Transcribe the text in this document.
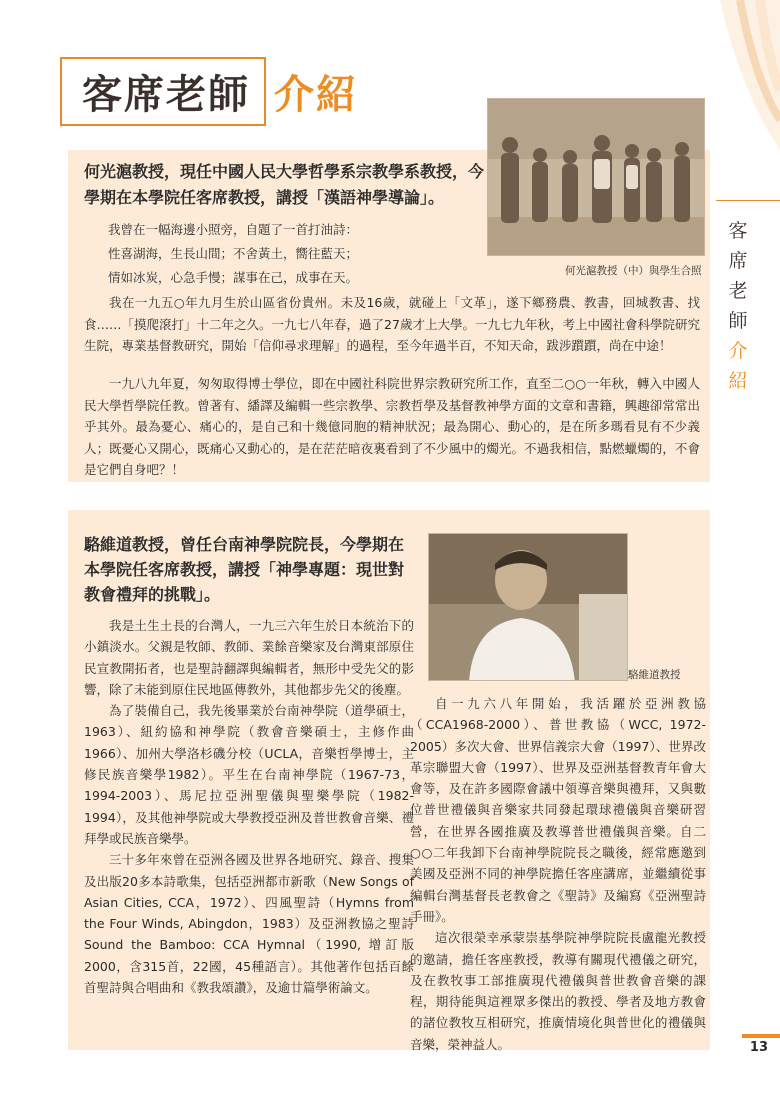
客席老師 介紹
客
席
老
師
介
紹
何光滬教授（中）與學生合照
何光滬教授，現任中國人民大學哲學系宗教學系教授，今學期在本學院任客席教授，講授「漢語神學導論」。
我曾在一幅海邊小照旁，自題了一首打油詩：
性喜湖海，生長山間；不舍黃土，嚮往藍天；
情如冰炭，心急手慢；謀事在己，成事在天。

我在一九五○年九月生於山區省份貴州。未及16歲，就碰上「文革」，遂下鄉務農、教書，回城教書、找食……「摸爬滾打」十二年之久。一九七八年春，過了27歲才上大學。一九七九年秋，考上中國社會科學院研究生院，專業基督教研究，開始「信仰尋求理解」的過程，至今年過半百，不知天命，跋涉躓躓，尚在中途！

一九八九年夏，匆匆取得博士學位，即在中國社科院世界宗教研究所工作，直至二○○一年秋，轉入中國人民大學哲學院任教。曾著有、繙譯及編輯一些宗教學、宗教哲學及基督教神學方面的文章和書籍，興趣卻常常出乎其外。最為憂心、痛心的，是自己和十幾億同胞的精神狀況；最為開心、動心的，是在所多瑪看見有不少義人；既憂心又開心，既痛心又動心的，是在茫茫暗夜裏看到了不少風中的燭光。不過我相信，點燃蠟燭的，不會是它們自身吧？！

駱維道教授
駱維道教授，曾任台南神學院院長，今學期在本學院任客席教授，講授「神學專題：現世對教會禮拜的挑戰」。

我是土生土長的台灣人，一九三六年生於日本統治下的小鎮淡水。父親是牧師、教師、業餘音樂家及台灣東部原住民宣教開拓者，也是聖詩翻譯與編輯者，無形中受先父的影響，除了未能到原住民地區傳教外，其他都步先父的後塵。

為了裝備自己，我先後畢業於台南神學院（道學碩士，1963）、紐約協和神學院（教會音樂碩士，主修作曲1966）、加州大學洛杉磯分校（UCLA，音樂哲學博士，主修民族音樂學1982）。平生在台南神學院（1967-73，1994-2003）、馬尼拉亞洲聖儀與聖樂學院（1982-1994），及其他神學院或大學教授亞洲及普世教會音樂、禮拜學或民族音樂學。

三十多年來曾在亞洲各國及世界各地研究、錄音、搜集及出版20多本詩歌集，包括亞洲都市新歌（New Songs of Asian Cities, CCA，1972）、四風聖詩（Hymns from the Four Winds, Abingdon，1983）及亞洲教協之聖詩Sound the Bamboo: CCA Hymnal（1990, 增訂版2000，含315首，22國，45種語言）。其他著作包括百餘首聖詩與合唱曲和《教我頌讚》，及逾廿篇學術論文。

自一九六八年開始，我活躍於亞洲教協（CCA1968-2000）、普世教協（WCC, 1972-2005）多次大會、世界信義宗大會（1997）、世界改革宗聯盟大會（1997）、世界及亞洲基督教青年會大會等，及在許多國際會議中領導音樂與禮拜，又與數位普世禮儀與音樂家共同發起環球禮儀與音樂研習營，在世界各國推廣及教導普世禮儀與音樂。自二○○二年我卸下台南神學院院長之職後，經常應邀到美國及亞洲不同的神學院擔任客座講席，並繼續從事編輯台灣基督長老教會之《聖詩》及編寫《亞洲聖詩手冊》。

這次很榮幸承蒙崇基學院神學院院長盧龍光教授的邀請，擔任客座教授，教導有關現代禮儀之研究，及在教牧事工部推廣現代禮儀與普世教會音樂的課程，期待能與這裡眾多傑出的教授、學者及地方教會的諸位教牧互相研究，推廣情境化與普世化的禮儀與音樂，榮神益人。	13
